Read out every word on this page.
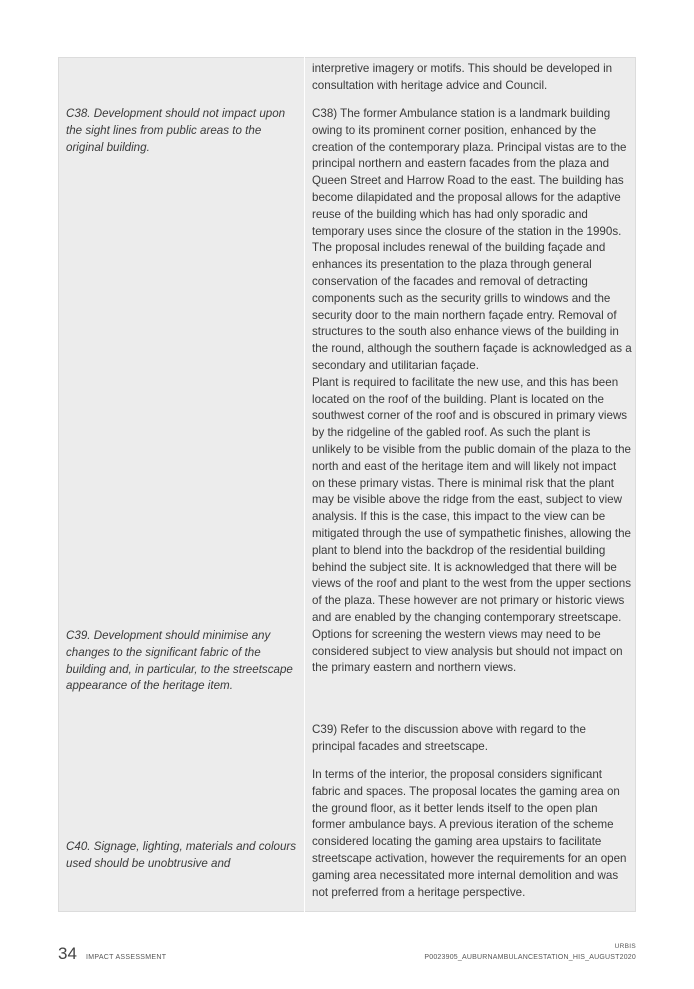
C38. Development should not impact upon the sight lines from public areas to the original building.

C39. Development should minimise any changes to the significant fabric of the building and, in particular, to the streetscape appearance of the heritage item.

C40. Signage, lighting, materials and colours used should be unobtrusive and

interpretive imagery or motifs. This should be developed in consultation with heritage advice and Council.

C38) The former Ambulance station is a landmark building owing to its prominent corner position, enhanced by the creation of the contemporary plaza. Principal vistas are to the principal northern and eastern facades from the plaza and Queen Street and Harrow Road to the east. The building has become dilapidated and the proposal allows for the adaptive reuse of the building which has had only sporadic and temporary uses since the closure of the station in the 1990s. The proposal includes renewal of the building façade and enhances its presentation to the plaza through general conservation of the facades and removal of detracting components such as the security grills to windows and the security door to the main northern façade entry. Removal of structures to the south also enhance views of the building in the round, although the southern façade is acknowledged as a secondary and utilitarian façade.
Plant is required to facilitate the new use, and this has been located on the roof of the building. Plant is located on the southwest corner of the roof and is obscured in primary views by the ridgeline of the gabled roof. As such the plant is unlikely to be visible from the public domain of the plaza to the north and east of the heritage item and will likely not impact on these primary vistas. There is minimal risk that the plant may be visible above the ridge from the east, subject to view analysis. If this is the case, this impact to the view can be mitigated through the use of sympathetic finishes, allowing the plant to blend into the backdrop of the residential building behind the subject site. It is acknowledged that there will be views of the roof and plant to the west from the upper sections of the plaza. These however are not primary or historic views and are enabled by the changing contemporary streetscape. Options for screening the western views may need to be considered subject to view analysis but should not impact on the primary eastern and northern views.

C39) Refer to the discussion above with regard to the principal facades and streetscape.

In terms of the interior, the proposal considers significant fabric and spaces. The proposal locates the gaming area on the ground floor, as it better lends itself to the open plan former ambulance bays. A previous iteration of the scheme considered locating the gaming area upstairs to facilitate streetscape activation, however the requirements for an open gaming area necessitated more internal demolition and was not preferred from a heritage perspective.

34 IMPACT ASSESSMENT
URBIS
P0023905_AUBURNAMBULANCESTATION_HIS_AUGUST2020
